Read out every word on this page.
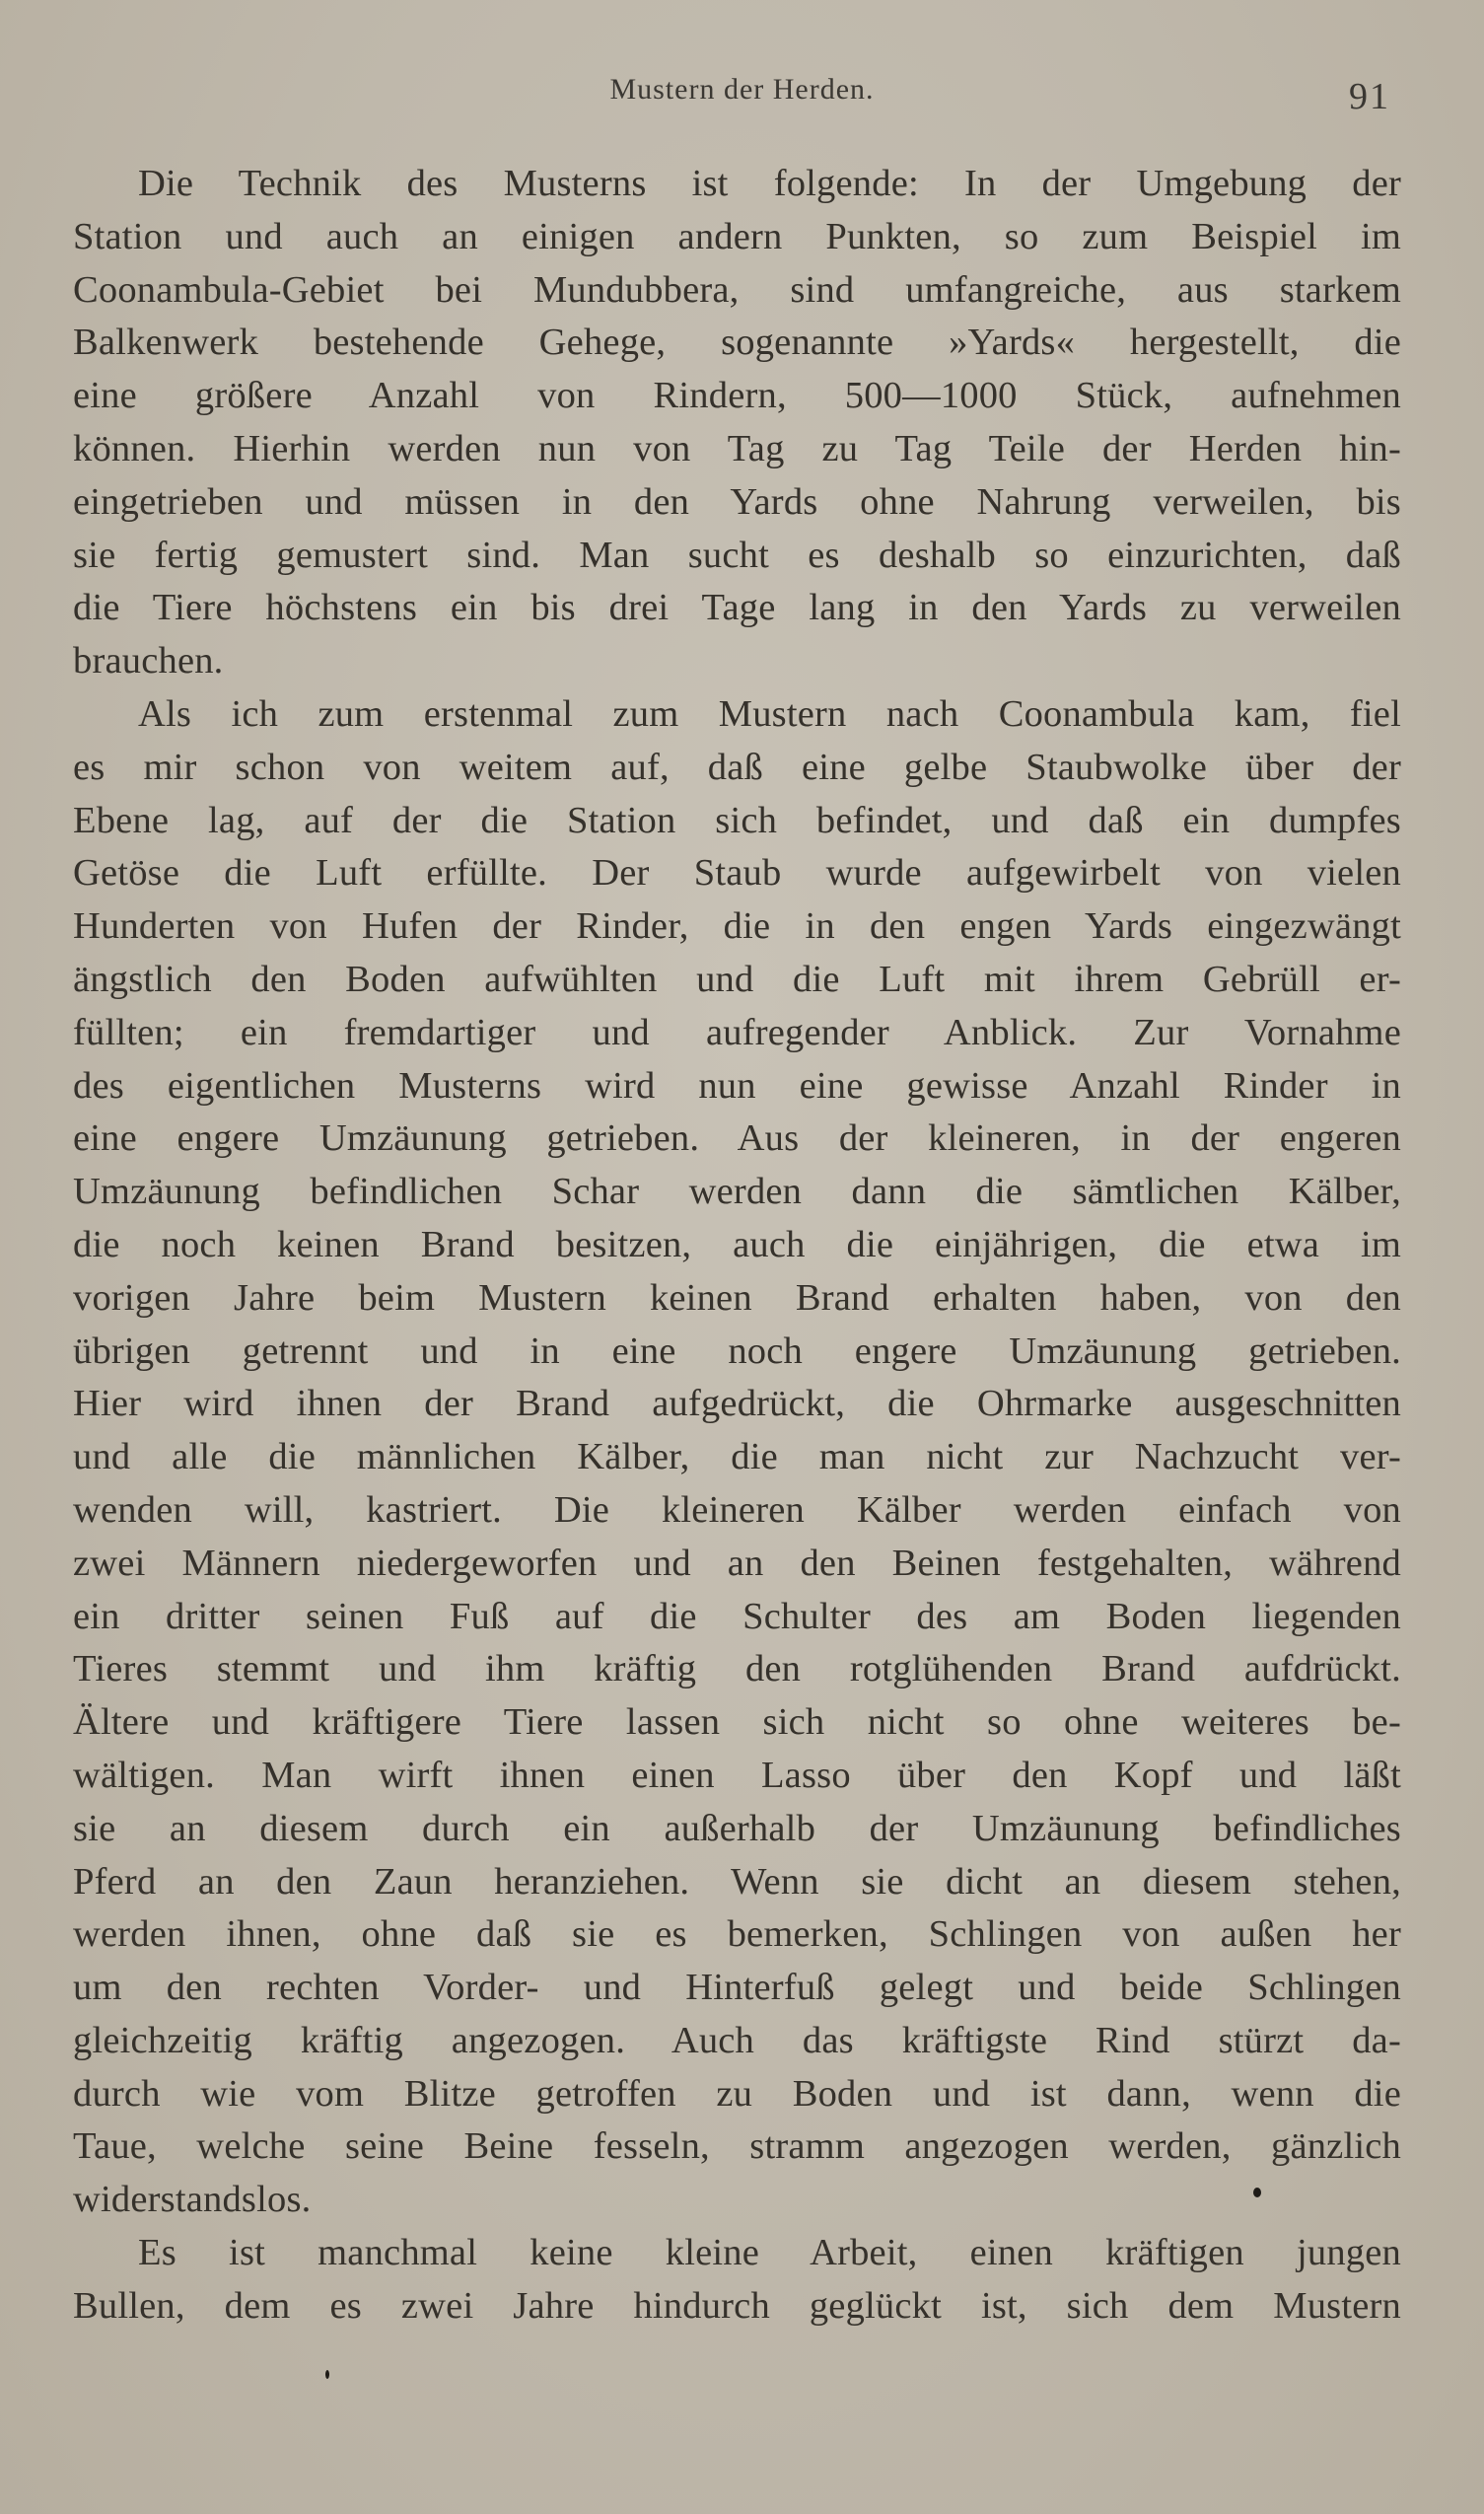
Mustern der Herden.	91
Die Technik des Musterns ist folgende: In der Umgebung der
Station und auch an einigen andern Punkten, so zum Beispiel im
Coonambula-Gebiet bei Mundubbera, sind umfangreiche, aus starkem
Balkenwerk bestehende Gehege, sogenannte »Yards« hergestellt, die
eine größere Anzahl von Rindern, 500—1000 Stück, aufnehmen
können. Hierhin werden nun von Tag zu Tag Teile der Herden hin-
eingetrieben und müssen in den Yards ohne Nahrung verweilen, bis
sie fertig gemustert sind. Man sucht es deshalb so einzurichten, daß
die Tiere höchstens ein bis drei Tage lang in den Yards zu verweilen
brauchen.
Als ich zum erstenmal zum Mustern nach Coonambula kam, fiel
es mir schon von weitem auf, daß eine gelbe Staubwolke über der
Ebene lag, auf der die Station sich befindet, und daß ein dumpfes
Getöse die Luft erfüllte. Der Staub wurde aufgewirbelt von vielen
Hunderten von Hufen der Rinder, die in den engen Yards eingezwängt
ängstlich den Boden aufwühlten und die Luft mit ihrem Gebrüll er-
füllten; ein fremdartiger und aufregender Anblick. Zur Vornahme
des eigentlichen Musterns wird nun eine gewisse Anzahl Rinder in
eine engere Umzäunung getrieben. Aus der kleineren, in der engeren
Umzäunung befindlichen Schar werden dann die sämtlichen Kälber,
die noch keinen Brand besitzen, auch die einjährigen, die etwa im
vorigen Jahre beim Mustern keinen Brand erhalten haben, von den
übrigen getrennt und in eine noch engere Umzäunung getrieben.
Hier wird ihnen der Brand aufgedrückt, die Ohrmarke ausgeschnitten
und alle die männlichen Kälber, die man nicht zur Nachzucht ver-
wenden will, kastriert. Die kleineren Kälber werden einfach von
zwei Männern niedergeworfen und an den Beinen festgehalten, während
ein dritter seinen Fuß auf die Schulter des am Boden liegenden
Tieres stemmt und ihm kräftig den rotglühenden Brand aufdrückt.
Ältere und kräftigere Tiere lassen sich nicht so ohne weiteres be-
wältigen. Man wirft ihnen einen Lasso über den Kopf und läßt
sie an diesem durch ein außerhalb der Umzäunung befindliches
Pferd an den Zaun heranziehen. Wenn sie dicht an diesem stehen,
werden ihnen, ohne daß sie es bemerken, Schlingen von außen her
um den rechten Vorder- und Hinterfuß gelegt und beide Schlingen
gleichzeitig kräftig angezogen. Auch das kräftigste Rind stürzt da-
durch wie vom Blitze getroffen zu Boden und ist dann, wenn die
Taue, welche seine Beine fesseln, stramm angezogen werden, gänzlich
widerstandslos.
Es ist manchmal keine kleine Arbeit, einen kräftigen jungen
Bullen, dem es zwei Jahre hindurch geglückt ist, sich dem Mustern
